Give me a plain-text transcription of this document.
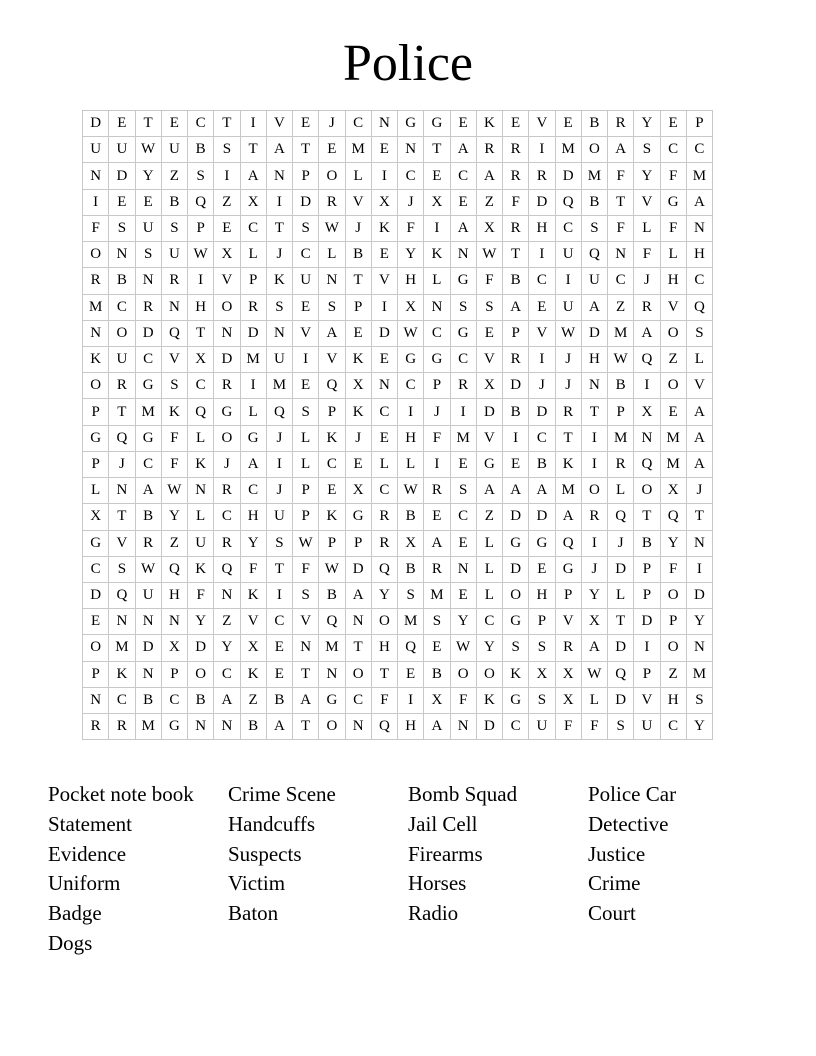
Police
D	E	T	E	C	T	I	V	E	J	C	N	G	G	E	K	E	V	E	B	R	Y	E	P
U	U	W	U	B	S	T	A	T	E	M	E	N	T	A	R	R	I	M	O	A	S	C	C
N	D	Y	Z	S	I	A	N	P	O	L	I	C	E	C	A	R	R	D	M	F	Y	F	M
I	E	E	B	Q	Z	X	I	D	R	V	X	J	X	E	Z	F	D	Q	B	T	V	G	A
F	S	U	S	P	E	C	T	S	W	J	K	F	I	A	X	R	H	C	S	F	L	F	N
O	N	S	U	W	X	L	J	C	L	B	E	Y	K	N	W	T	I	U	Q	N	F	L	H
R	B	N	R	I	V	P	K	U	N	T	V	H	L	G	F	B	C	I	U	C	J	H	C
M	C	R	N	H	O	R	S	E	S	P	I	X	N	S	S	A	E	U	A	Z	R	V	Q
N	O	D	Q	T	N	D	N	V	A	E	D	W	C	G	E	P	V	W	D	M	A	O	S
K	U	C	V	X	D	M	U	I	V	K	E	G	G	C	V	R	I	J	H	W	Q	Z	L
O	R	G	S	C	R	I	M	E	Q	X	N	C	P	R	X	D	J	J	N	B	I	O	V
P	T	M	K	Q	G	L	Q	S	P	K	C	I	J	I	D	B	D	R	T	P	X	E	A
G	Q	G	F	L	O	G	J	L	K	J	E	H	F	M	V	I	C	T	I	M	N	M	A
P	J	C	F	K	J	A	I	L	C	E	L	L	I	E	G	E	B	K	I	R	Q	M	A
L	N	A	W	N	R	C	J	P	E	X	C	W	R	S	A	A	A	M	O	L	O	X	J
X	T	B	Y	L	C	H	U	P	K	G	R	B	E	C	Z	D	D	A	R	Q	T	Q	T
G	V	R	Z	U	R	Y	S	W	P	P	R	X	A	E	L	G	G	Q	I	J	B	Y	N
C	S	W	Q	K	Q	F	T	F	W	D	Q	B	R	N	L	D	E	G	J	D	P	F	I
D	Q	U	H	F	N	K	I	S	B	A	Y	S	M	E	L	O	H	P	Y	L	P	O	D
E	N	N	N	Y	Z	V	C	V	Q	N	O	M	S	Y	C	G	P	V	X	T	D	P	Y
O	M	D	X	D	Y	X	E	N	M	T	H	Q	E	W	Y	S	S	R	A	D	I	O	N
P	K	N	P	O	C	K	E	T	N	O	T	E	B	O	O	K	X	X	W	Q	P	Z	M
N	C	B	C	B	A	Z	B	A	G	C	F	I	X	F	K	G	S	X	L	D	V	H	S
R	R	M	G	N	N	B	A	T	O	N	Q	H	A	N	D	C	U	F	F	S	U	C	Y
Pocket note book	Crime Scene	Bomb Squad	Police Car
Statement	Handcuffs	Jail Cell	Detective
Evidence	Suspects	Firearms	Justice
Uniform	Victim	Horses	Crime
Badge	Baton	Radio	Court
Dogs
